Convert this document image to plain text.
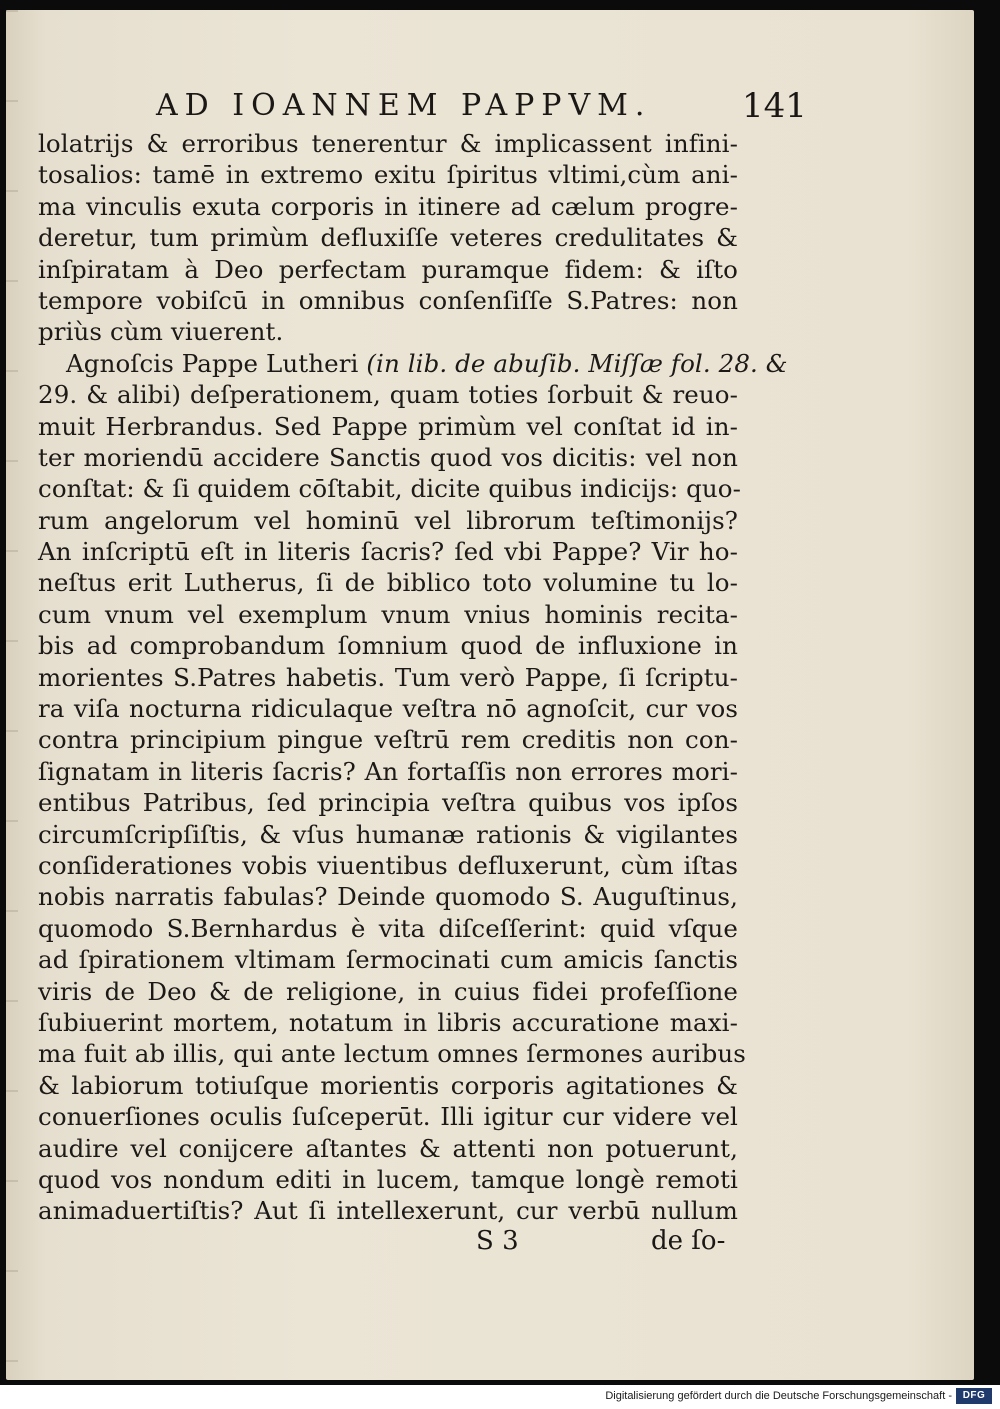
AD IOANNEM PAPPVM.	141
lolatrijs & erroribus tenerentur & implicassent infini-
tosalios: tamē in extremo exitu ſpiritus vltimi,cùm ani-
ma vinculis exuta corporis in itinere ad cælum progre-
deretur, tum primùm defluxiſſe veteres credulitates &
inſpiratam à Deo perfectam puramque fidem: & iſto
tempore vobiſcū in omnibus conſenſiſſe S.Patres: non
priùs cùm viuerent.
Agnoſcis Pappe Lutheri (in lib. de abuſib. Miſſæ fol. 28. &
29. & alibi) deſperationem, quam toties ſorbuit & reuo-
muit Herbrandus. Sed Pappe primùm vel conſtat id in-
ter moriendū accidere Sanctis quod vos dicitis: vel non
conſtat: & ſi quidem cōſtabit, dicite quibus indicijs: quo-
rum angelorum vel hominū vel librorum teſtimonijs?
An inſcriptū eſt in literis ſacris? ſed vbi Pappe? Vir ho-
neſtus erit Lutherus, ſi de biblico toto volumine tu lo-
cum vnum vel exemplum vnum vnius hominis recita-
bis ad comprobandum ſomnium quod de influxione in
morientes S.Patres habetis. Tum verò Pappe, ſi ſcriptu-
ra viſa nocturna ridiculaque veſtra nō agnoſcit, cur vos
contra principium pingue veſtrū rem creditis non con-
ſignatam in literis ſacris? An fortaſſis non errores mori-
entibus Patribus, ſed principia veſtra quibus vos ipſos
circumſcripſiſtis, & vſus humanæ rationis & vigilantes
conſiderationes vobis viuentibus defluxerunt, cùm iſtas
nobis narratis fabulas? Deinde quomodo S. Auguſtinus,
quomodo S.Bernhardus è vita diſceſſerint: quid vſque
ad ſpirationem vltimam ſermocinati cum amicis ſanctis
viris de Deo & de religione, in cuius fidei profeſſione
ſubiuerint mortem, notatum in libris accuratione maxi-
ma fuit ab illis, qui ante lectum omnes ſermones auribus
& labiorum totiuſque morientis corporis agitationes &
conuerſiones oculis ſuſceperūt. Illi igitur cur videre vel
audire vel conijcere aſtantes & attenti non potuerunt,
quod vos nondum editi in lucem, tamque longè remoti
animaduertiſtis? Aut ſi intellexerunt, cur verbū nullum
S 3	de ſo-
Digitalisierung gefördert durch die Deutsche Forschungsgemeinschaft -	DFG
